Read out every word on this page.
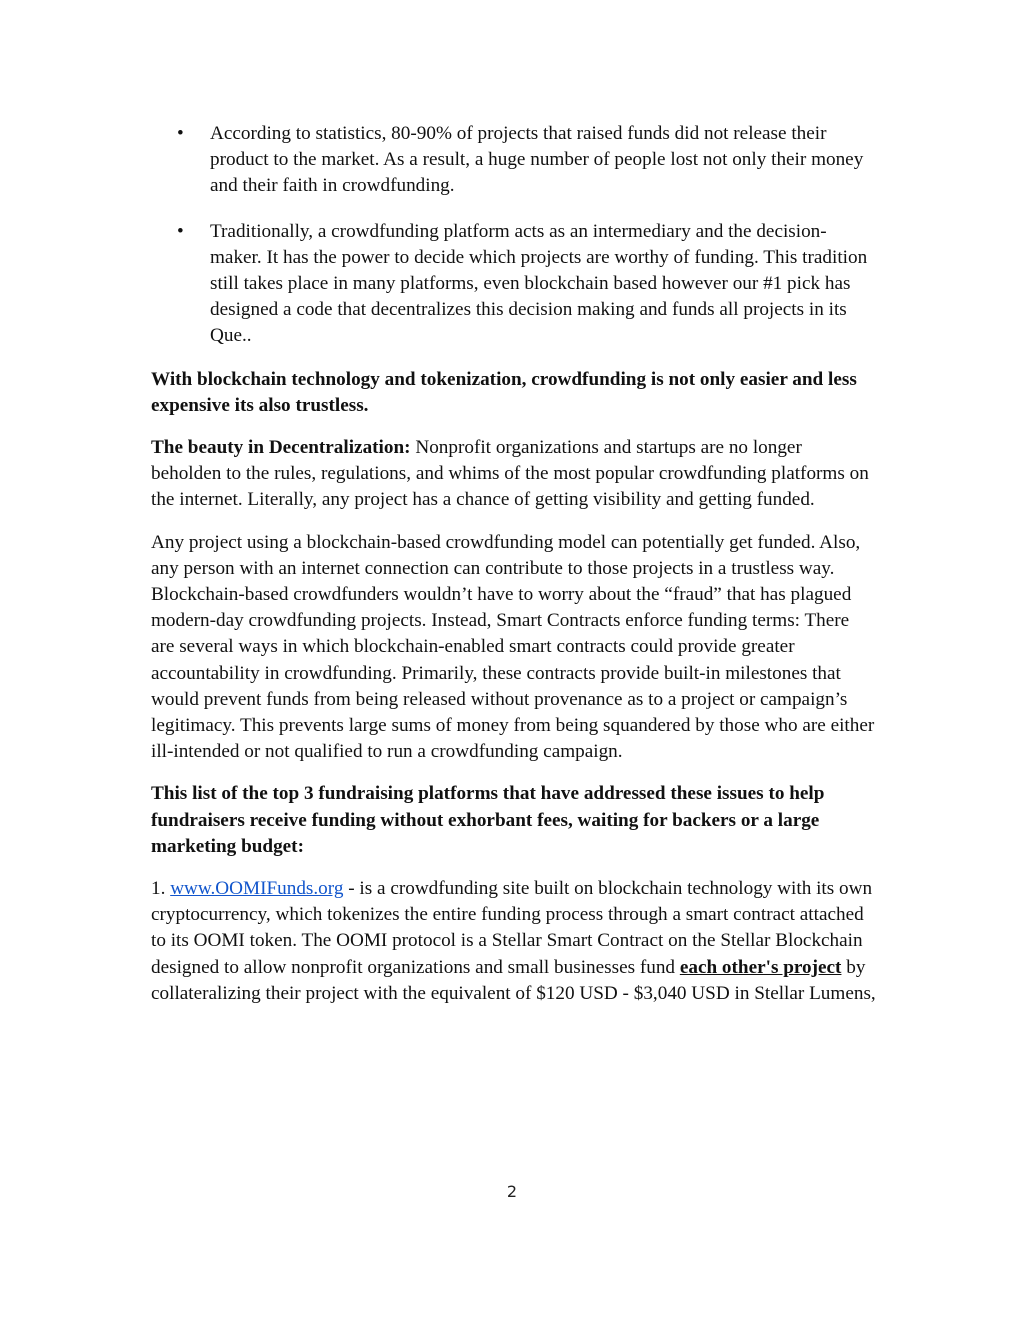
• According to statistics, 80-90% of projects that raised funds did not release their product to the market. As a result, a huge number of people lost not only their money and their faith in crowdfunding.
• Traditionally, a crowdfunding platform acts as an intermediary and the decision-maker. It has the power to decide which projects are worthy of funding. This tradition still takes place in many platforms, even blockchain based however our #1 pick has designed a code that decentralizes this decision making and funds all projects in its Que..

With blockchain technology and tokenization, crowdfunding is not only easier and less expensive its also trustless.

The beauty in Decentralization: Nonprofit organizations and startups are no longer beholden to the rules, regulations, and whims of the most popular crowdfunding platforms on the internet. Literally, any project has a chance of getting visibility and getting funded.

Any project using a blockchain-based crowdfunding model can potentially get funded. Also, any person with an internet connection can contribute to those projects in a trustless way. Blockchain-based crowdfunders wouldn’t have to worry about the “fraud” that has plagued modern-day crowdfunding projects. Instead, Smart Contracts enforce funding terms: There are several ways in which blockchain-enabled smart contracts could provide greater accountability in crowdfunding. Primarily, these contracts provide built-in milestones that would prevent funds from being released without provenance as to a project or campaign’s legitimacy. This prevents large sums of money from being squandered by those who are either ill-intended or not qualified to run a crowdfunding campaign.

This list of the top 3 fundraising platforms that have addressed these issues to help fundraisers receive funding without exhorbant fees, waiting for backers or a large marketing budget:

1. www.OOMIFunds.org - is a crowdfunding site built on blockchain technology with its own cryptocurrency, which tokenizes the entire funding process through a smart contract attached to its OOMI token. The OOMI protocol is a Stellar Smart Contract on the Stellar Blockchain designed to allow nonprofit organizations and small businesses fund each other's project by collateralizing their project with the equivalent of $120 USD - $3,040 USD in Stellar Lumens,

2
